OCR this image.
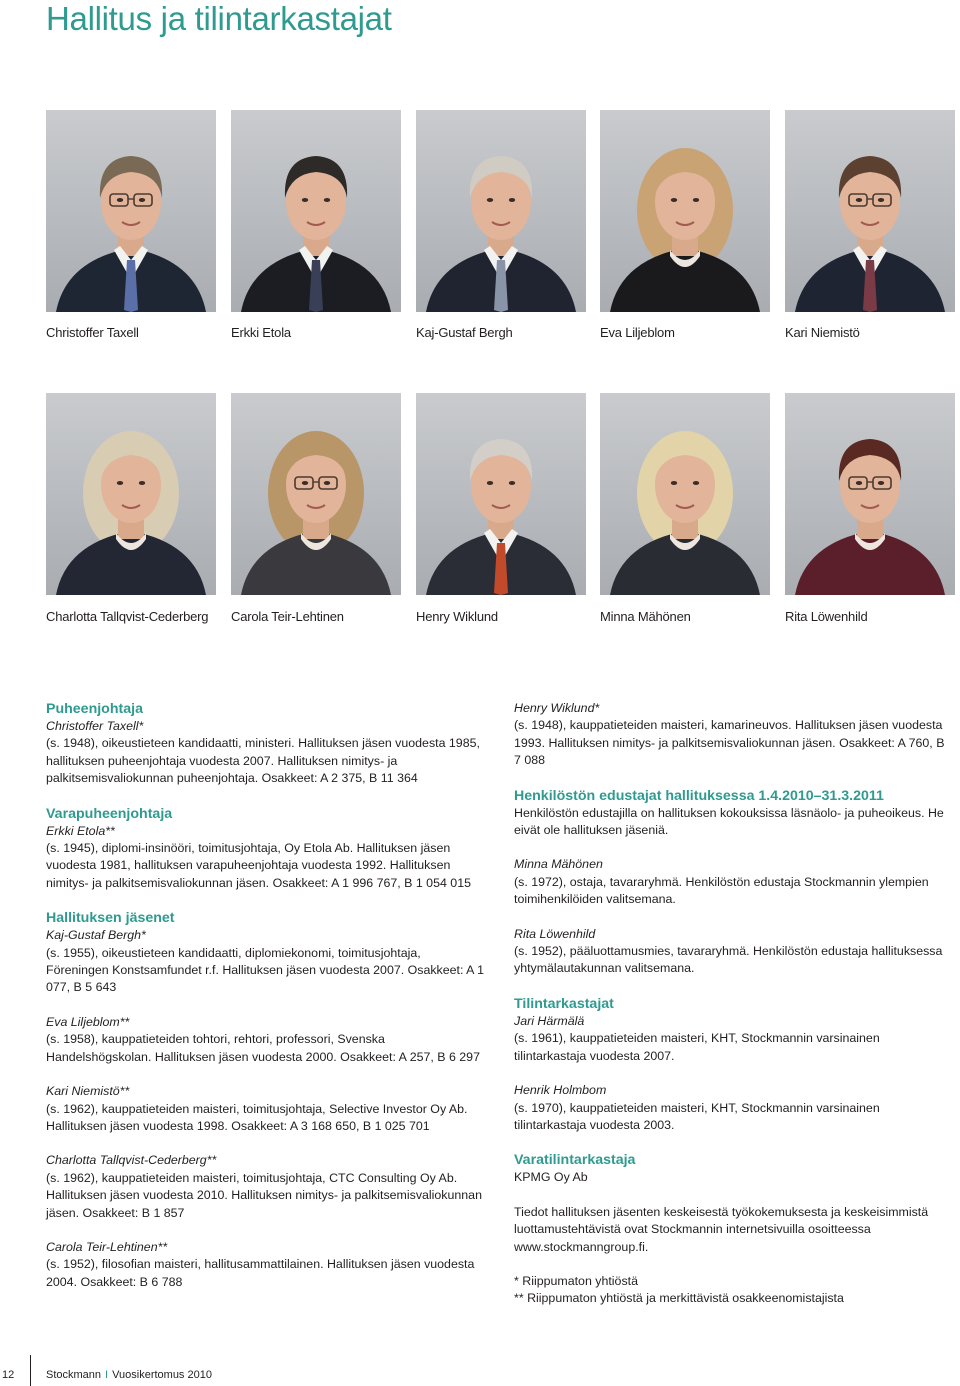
Hallitus ja tilintarkastajat
Christoffer Taxell	Erkki Etola	Kaj-Gustaf Bergh	Eva Liljeblom	Kari Niemistö
Charlotta Tallqvist-Cederberg Carola Teir-Lehtinen	Henry Wiklund	Minna Mähönen	Rita Löwenhild

Puheenjohtaja

Christoffer Taxell*

(s. 1948), oikeustieteen kandidaatti, ministeri. Hallituksen jäsen vuodesta 1985, hallituksen puheenjohtaja vuodesta 2007. Hallituksen nimitys- ja palkitsemisvaliokunnan puheenjohtaja. Osakkeet: A 2 375, B 11 364

Varapuheenjohtaja

Erkki Etola**

(s. 1945), diplomi-insinööri, toimitusjohtaja, Oy Etola Ab. Hallituksen jäsen vuodesta 1981, hallituksen varapuheenjohtaja vuodesta 1992. Hallituksen nimitys- ja palkitsemisvaliokunnan jäsen. Osakkeet: A 1 996 767, B 1 054 015

Hallituksen jäsenet

Kaj-Gustaf Bergh*

(s. 1955), oikeustieteen kandidaatti, diplomiekonomi, toimitusjohtaja, Föreningen Konstsamfundet r.f. Hallituksen jäsen vuodesta 2007. Osakkeet: A 1 077, B 5 643

Eva Liljeblom**

(s. 1958), kauppatieteiden tohtori, rehtori, professori, Svenska Handelshögskolan. Hallituksen jäsen vuodesta 2000. Osakkeet: A 257, B 6 297

Kari Niemistö**

(s. 1962), kauppatieteiden maisteri, toimitusjohtaja, Selective Investor Oy Ab. Hallituksen jäsen vuodesta 1998. Osakkeet: A 3 168 650, B 1 025 701

Charlotta Tallqvist-Cederberg**

(s. 1962), kauppatieteiden maisteri, toimitusjohtaja, CTC Consulting Oy Ab. Hallituksen jäsen vuodesta 2010. Hallituksen nimitys- ja palkitsemisvaliokunnan jäsen. Osakkeet: B 1 857

Carola Teir-Lehtinen**

(s. 1952), filosofian maisteri, hallitusammattilainen. Hallituksen jäsen vuodesta 2004. Osakkeet: B 6 788

Henry Wiklund*

(s. 1948), kauppatieteiden maisteri, kamarineuvos. Hallituksen jäsen vuodesta 1993. Hallituksen nimitys- ja palkitsemisvaliokunnan jäsen. Osakkeet: A 760, B 7 088

Henkilöstön edustajat hallituksessa 1.4.2010–31.3.2011

Henkilöstön edustajilla on hallituksen kokouksissa läsnäolo- ja puheoikeus. He eivät ole hallituksen jäseniä.

Minna Mähönen

(s. 1972), ostaja, tavararyhmä. Henkilöstön edustaja Stockmannin ylempien toimihenkilöiden valitsemana.

Rita Löwenhild

(s. 1952), pääluottamusmies, tavararyhmä. Henkilöstön edustaja hallituksessa yhtymälautakunnan valitsemana.

Tilintarkastajat

Jari Härmälä

(s. 1961), kauppatieteiden maisteri, KHT, Stockmannin varsinainen tilintarkastaja vuodesta 2007.

Henrik Holmbom

(s. 1970), kauppatieteiden maisteri, KHT, Stockmannin varsinainen tilintarkastaja vuodesta 2003.

Varatilintarkastaja

KPMG Oy Ab

Tiedot hallituksen jäsenten keskeisestä työkokemuksesta ja keskeisimmistä luottamustehtävistä ovat Stockmannin internetsivuilla osoitteessa www.stockmanngroup.fi.

* Riippumaton yhtiöstä

** Riippumaton yhtiöstä ja merkittävistä osakkeenomistajista

12	Stockmann I Vuosikertomus 2010
